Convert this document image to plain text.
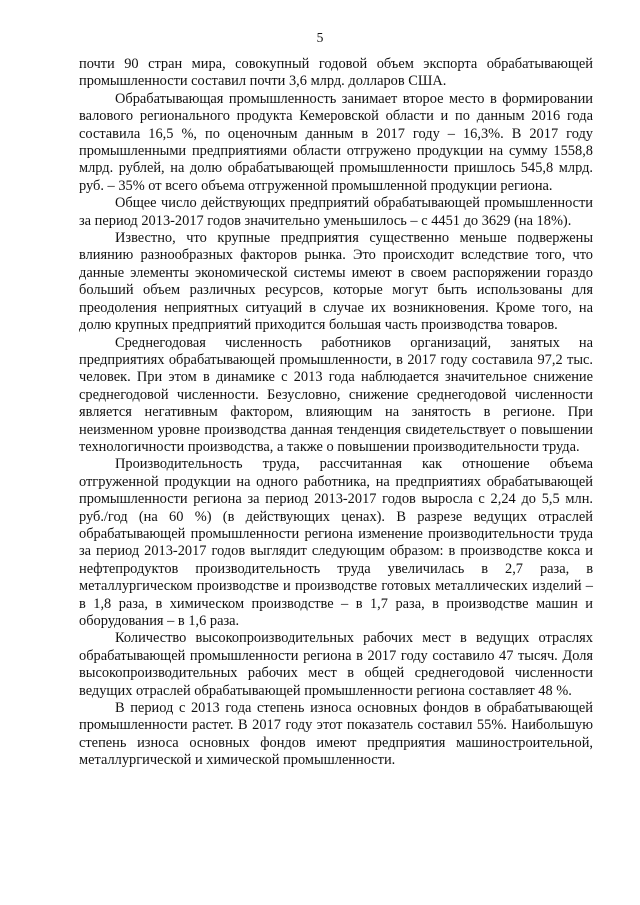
5

почти 90 стран мира, совокупный годовой объем экспорта обрабатывающей промышленности составил почти 3,6 млрд. долларов США.

Обрабатывающая промышленность занимает второе место в формировании валового регионального продукта Кемеровской области и по данным 2016 года составила 16,5 %, по оценочным данным в 2017 году – 16,3%. В 2017 году промышленными предприятиями области отгружено продукции на сумму 1558,8 млрд. рублей, на долю обрабатывающей промышленности пришлось 545,8 млрд. руб. – 35% от всего объема отгруженной промышленной продукции региона.

Общее число действующих предприятий обрабатывающей промышленности за период 2013-2017 годов значительно уменьшилось – с 4451 до 3629 (на 18%).

Известно, что крупные предприятия существенно меньше подвержены влиянию разнообразных факторов рынка. Это происходит вследствие того, что данные элементы экономической системы имеют в своем распоряжении гораздо больший объем различных ресурсов, которые могут быть использованы для преодоления неприятных ситуаций в случае их возникновения. Кроме того, на долю крупных предприятий приходится большая часть производства товаров.

Среднегодовая численность работников организаций, занятых на предприятиях обрабатывающей промышленности, в 2017 году составила 97,2 тыс. человек. При этом в динамике с 2013 года наблюдается значительное снижение среднегодовой численности. Безусловно, снижение среднегодовой численности является негативным фактором, влияющим на занятость в регионе. При неизменном уровне производства данная тенденция свидетельствует о повышении технологичности производства, а также о повышении производительности труда.

Производительность труда, рассчитанная как отношение объема отгруженной продукции на одного работника, на предприятиях обрабатывающей промышленности региона за период 2013-2017 годов выросла с 2,24 до 5,5 млн. руб./год (на 60 %) (в действующих ценах). В разрезе ведущих отраслей обрабатывающей промышленности региона изменение производительности труда за период 2013-2017 годов выглядит следующим образом: в производстве кокса и нефтепродуктов производительность труда увеличилась в 2,7 раза, в металлургическом производстве и производстве готовых металлических изделий – в 1,8 раза, в химическом производстве – в 1,7 раза, в производстве машин и оборудования – в 1,6 раза.

Количество высокопроизводительных рабочих мест в ведущих отраслях обрабатывающей промышленности региона в 2017 году составило 47 тысяч. Доля высокопроизводительных рабочих мест в общей среднегодовой численности ведущих отраслей обрабатывающей промышленности региона составляет 48 %.

В период с 2013 года степень износа основных фондов в обрабатывающей промышленности растет. В 2017 году этот показатель составил 55%. Наибольшую степень износа основных фондов имеют предприятия машиностроительной, металлургической и химической промышленности.
